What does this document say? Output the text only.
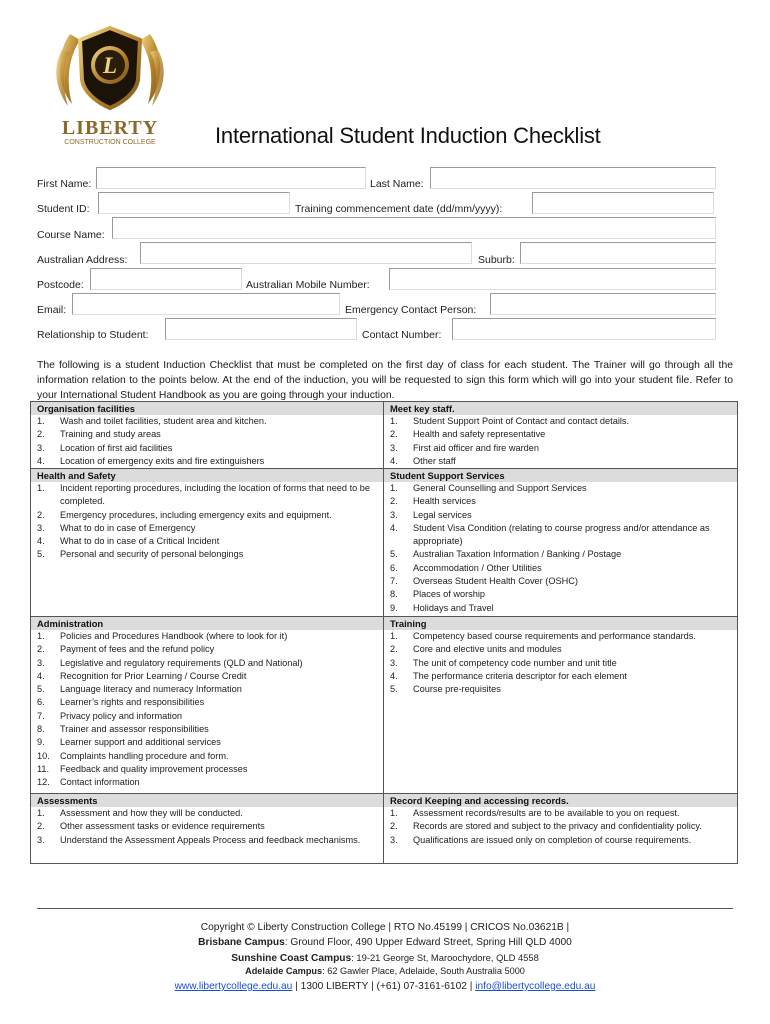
L
LIBERTY
CONSTRUCTION COLLEGE	International Student Induction Checklist
First Name:	Last Name:
Student ID:	Training commencement date (dd/mm/yyyy):
Course Name:
Australian Address:	Suburb:
Postcode:	Australian Mobile Number:
Email:	Emergency Contact Person:
Relationship to Student:	Contact Number:

The following is a student Induction Checklist that must be completed on the first day of class for each student. The Trainer will go through all the information relation to the points below. At the end of the induction, you will be requested to sign this form which will go into your student file. Refer to your International Student Handbook as you are going through your induction.

Organisation facilities
1.	Wash and toilet facilities, student area and kitchen.
2.	Training and study areas
3.	Location of first aid facilities
4.	Location of emergency exits and fire extinguishers
Meet key staff.
1.	Student Support Point of Contact and contact details.
2.	Health and safety representative
3.	First aid officer and fire warden
4.	Other staff
Health and Safety
1.	Incident reporting procedures, including the location of forms that need to be completed.
2.	Emergency procedures, including emergency exits and equipment.
3.	What to do in case of Emergency
4.	What to do in case of a Critical Incident
5.	Personal and security of personal belongings
Student Support Services
1.	General Counselling and Support Services
2.	Health services
3.	Legal services
4.	Student Visa Condition (relating to course progress and/or attendance as appropriate)
5.	Australian Taxation Information / Banking / Postage
6.	Accommodation / Other Utilities
7.	Overseas Student Health Cover (OSHC)
8.	Places of worship
9.	Holidays and Travel
Administration
1.	Policies and Procedures Handbook (where to look for it)
2.	Payment of fees and the refund policy
3.	Legislative and regulatory requirements (QLD and National)
4.	Recognition for Prior Learning / Course Credit
5.	Language literacy and numeracy Information
6.	Learner’s rights and responsibilities
7.	Privacy policy and information
8.	Trainer and assessor responsibilities
9.	Learner support and additional services
10.	Complaints handling procedure and form.
11.	Feedback and quality improvement processes
12.	Contact information
Training
1.	Competency based course requirements and performance standards.
2.	Core and elective units and modules
3.	The unit of competency code number and unit title
4.	The performance criteria descriptor for each element
5.	Course pre-requisites
Assessments
1.	Assessment and how they will be conducted.
2.	Other assessment tasks or evidence requirements
3.	Understand the Assessment Appeals Process and feedback mechanisms.
Record Keeping and accessing records.
1.	Assessment records/results are to be available to you on request.
2.	Records are stored and subject to the privacy and confidentiality policy.
3.	Qualifications are issued only on completion of course requirements.
Copyright © Liberty Construction College | RTO No.45199 | CRICOS No.03621B |
Brisbane Campus: Ground Floor, 490 Upper Edward Street, Spring Hill QLD 4000
Sunshine Coast Campus: 19-21 George St, Maroochydore, QLD 4558
Adelaide Campus: 62 Gawler Place, Adelaide, South Australia 5000
www.libertycollege.edu.au | 1300 LIBERTY | (+61) 07-3161-6102 | info@libertycollege.edu.au
